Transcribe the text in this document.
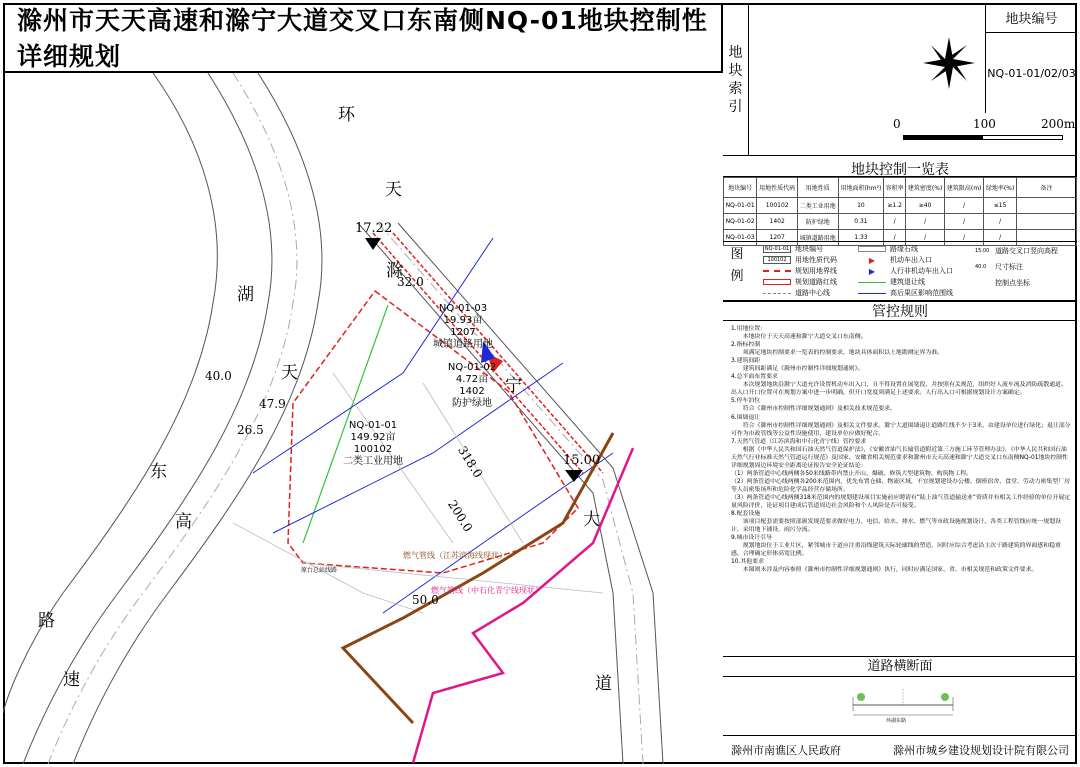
滁州市天天高速和滁宁大道交叉口东南侧NQ-01地块控制性详细规划
环
天
湖
天
东
高
路
速
滁
宁
大
道
17.22
15.00
32.0
40.0
47.9
26.5
318.0
200.0
50.0
NQ-01-03
19.93亩
1207
城镇道路用地
NQ-01-02
4.72亩
1402
防护绿地
NQ-01-01
149.92亩
100102
二类工业用地
燃气管线（江苏滨海线现状）
燃气管线（中石化青宁线现状）
原台总站线路
地
块
索
引
地块编号
NQ-01-01/02/03
0	100	200m
地块控制一览表
地块编号	用地性质代码	用地性质	用地面积(hm²)	容积率	建筑密度(%)	建筑限高(m)	绿地率(%)	备注
NQ-01-01	100102	二类工业用地	10	≥1.2	≥40	/	≤15	
NQ-01-02	1402	防护绿地	0.31	/	/	/	/	
NQ-01-03	1207	城镇道路用地	1.33	/	/	/	/	
图
例
NQ-01-01 地块编号
100102	用地性质代码
规划用地界线
规划道路红线
道路中心线
路缘石线
▶	机动车出入口
▶	人行非机动车出入口
建筑退让线
高后果区影响范围线
15.00 道路交叉口竖向高程
40.0	尺寸标注
控制点坐标
管控规则

1.用地位置：

　　本地块位于天天高速和滁宁大道交叉口东南侧。

2.指标控制

　　须满足地块控制要求一览表的控制要求，地块具体面积以土地勘测定界为准。

3.建筑间距

　　建筑间距满足《滁州市控制性详细规划通则》。

4.总平面布置要求

　　本次规划地块沿滁宁大道允许设置机动车出入口，且不得设置在展宽段，并按照有关规范，组织好人流车流及消防疏散通道。出入口开口位置可在规划方案中进一步明确，但开口宽度须满足上述要求。人行出入口可根据规划设计方案确定。

5.停车泊位

　　符合《滁州市控制性详细规划通则》及相关技术规范要求。

6.围墙退让

　　符合《滁州市控制性详细规划通则》及相关文件要求。滁宁大道围墙退让道路红线不少于3米，由建设单位进行绿化；退让部分可作为市政管线等公益性设施使用，建设单位应做好配合。

7.天然气管道（江苏滨海和中石化青宁线）管控要求

　　根据《中华人民共和国石油天然气管道保护法》，《安徽省油气长输管道附近第三方施工环节管理办法》，《中华人民共和国石油天然气行业标准天然气管道运行规范》及国家、安徽省相关规范要求和滁州市天天高速和滁宁大道交叉口东南侧NQ-01地块控制性详细规划周边环境安全距离论证报告安全论证结论：

（1）两条管道中心线两侧各50米线路带内禁止开山、爆破、修筑大型建筑物、构筑物工程。

（2）两条管道中心线两侧各200米范围内，优先布置仓储、物流区域，不宜规划建设办公楼、倒班宿舍、食堂、劳动力密集型厂房等人员密集场所和危险化学品经营存储场所。

（3）两条管道中心线两侧318米范围内的规划建设项目实施前应聘请有“陆上油气管道输送业”资质并有相关工作经验的单位开展定量风险评价，论证项目建成后管道周边社会风险和个人风险是否可接受。

8.配套设施

　　该项目配套需要按照部颁发规范要求做好电力、电信、给水、排水、燃气等市政设施规划设计，各类工程管线应统一规划设计，采用地下铺设，雨污分流。

9.城市设计引导

　　规划地块位于工业片区，紧邻城市干道应注重沿线建筑天际轮廓线的塑造，同时应综合考虑沿主次干路建筑的界面感和稳重感，合理确定形体高宽比例。

10.其他要求

　　本图则未涉及内容参照《滁州市控制性详细规划通则》执行，同时应满足国家、省、市相关规范和政策文件要求。

道路横断面
环湖东路
滁州市南谯区人民政府	滁州市城乡建设规划设计院有限公司
